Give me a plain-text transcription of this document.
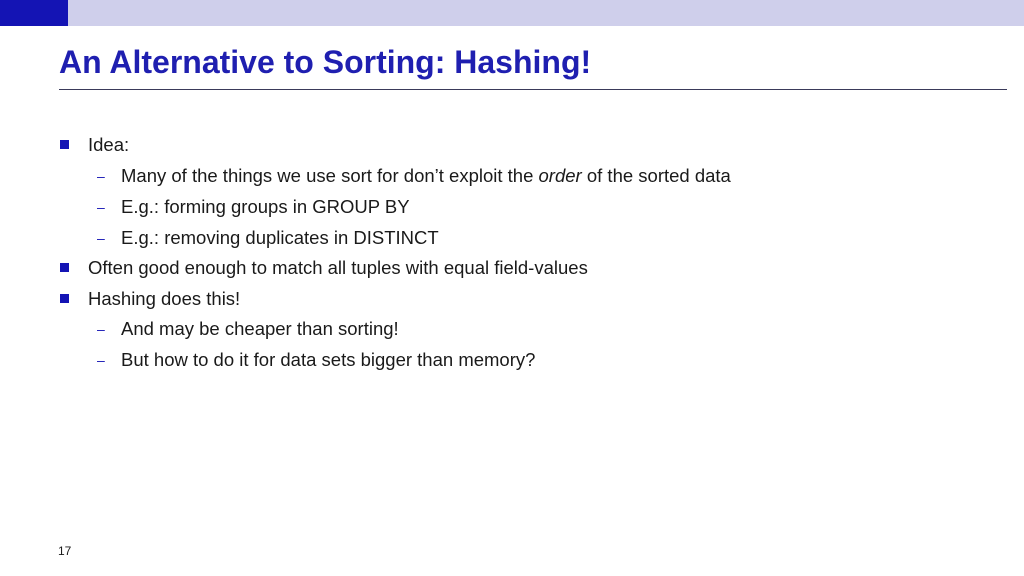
An Alternative to Sorting: Hashing!
Idea:
– Many of the things we use sort for don’t exploit the order of the sorted data
– E.g.: forming groups in GROUP BY
– E.g.: removing duplicates in DISTINCT
Often good enough to match all tuples with equal field-values
Hashing does this!
– And may be cheaper than sorting!
– But how to do it for data sets bigger than memory?
17
